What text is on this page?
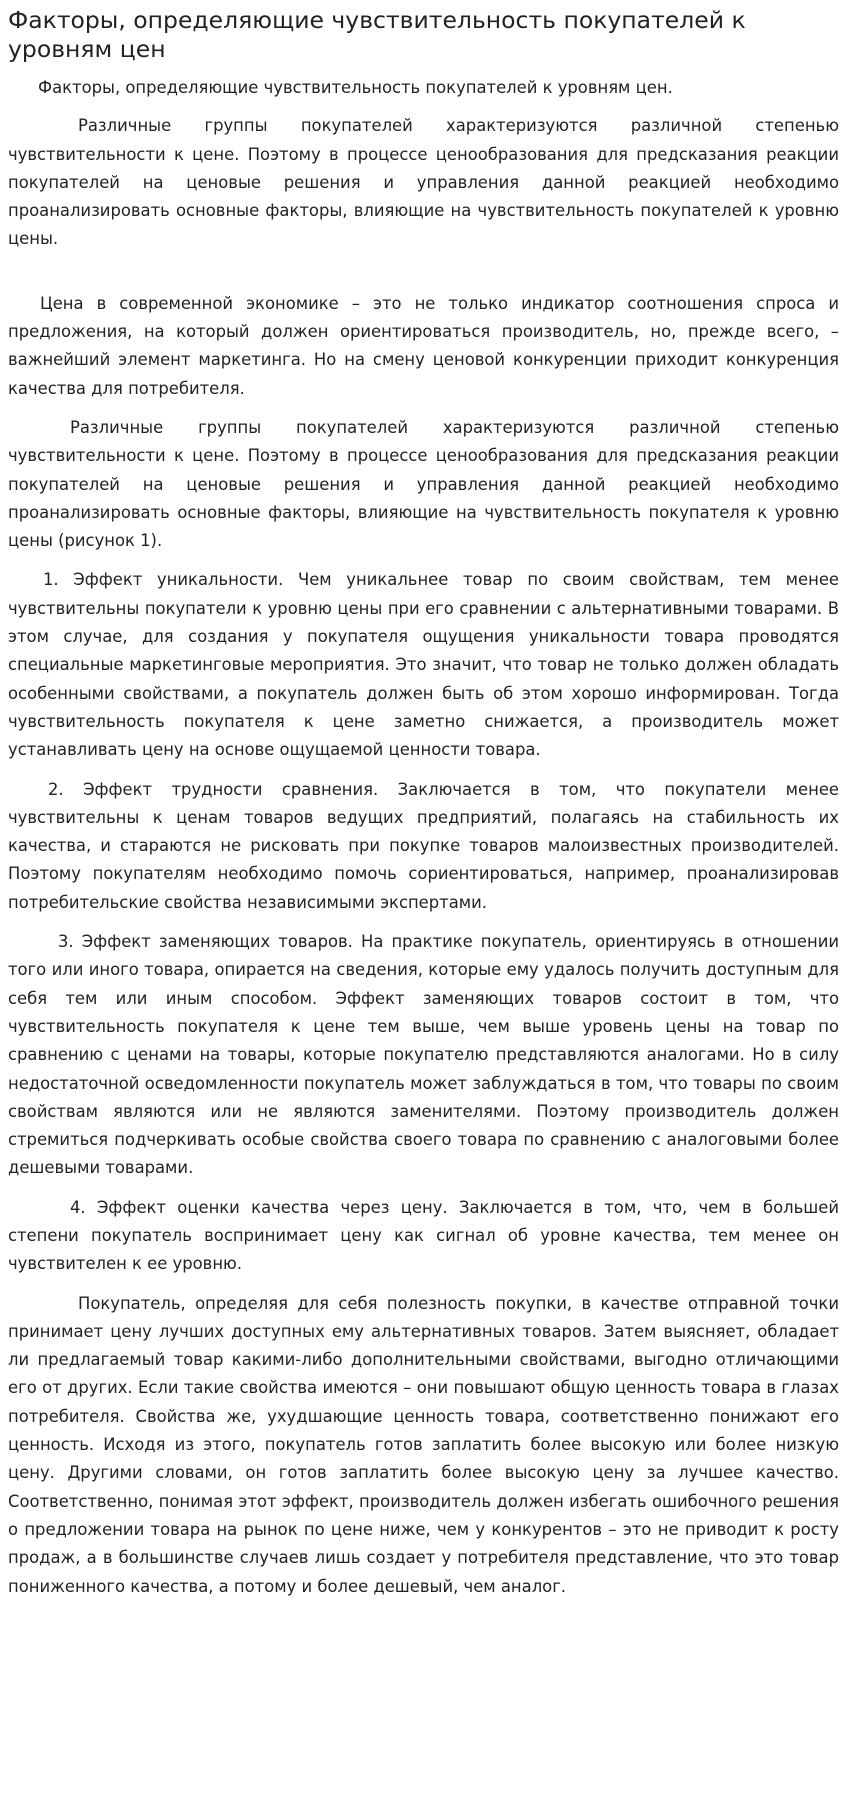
Факторы, определяющие чувствительность покупателей к уровням цен

Факторы, определяющие чувствительность покупателей к уровням цен.

Различные группы покупателей характеризуются различной степенью чувствительности к цене. Поэтому в процессе ценообразования для предсказания реакции покупателей на ценовые решения и управления данной реакцией необходимо проанализировать основные факторы, влияющие на чувствительность покупателей к уровню цены.

Цена в современной экономике – это не только индикатор соотношения спроса и предложения, на который должен ориентироваться производитель, но, прежде всего, – важнейший элемент маркетинга. Но на смену ценовой конкуренции приходит конкуренция качества для потребителя.

Различные группы покупателей характеризуются различной степенью чувствительности к цене. Поэтому в процессе ценообразования для предсказания реакции покупателей на ценовые решения и управления данной реакцией необходимо проанализировать основные факторы, влияющие на чувствительность покупателя к уровню цены (рисунок 1).

1. Эффект уникальности. Чем уникальнее товар по своим свойствам, тем менее чувствительны покупатели к уровню цены при его сравнении с альтернативными товарами. В этом случае, для создания у покупателя ощущения уникальности товара проводятся специальные маркетинговые мероприятия. Это значит, что товар не только должен обладать особенными свойствами, а покупатель должен быть об этом хорошо информирован. Тогда чувствительность покупателя к цене заметно снижается, а производитель может устанавливать цену на основе ощущаемой ценности товара.

2. Эффект трудности сравнения. Заключается в том, что покупатели менее чувствительны к ценам товаров ведущих предприятий, полагаясь на стабильность их качества, и стараются не рисковать при покупке товаров малоизвестных производителей. Поэтому покупателям необходимо помочь сориентироваться, например, проанализировав потребительские свойства независимыми экспертами.

3. Эффект заменяющих товаров. На практике покупатель, ориентируясь в отношении того или иного товара, опирается на сведения, которые ему удалось получить доступным для себя тем или иным способом. Эффект заменяющих товаров состоит в том, что чувствительность покупателя к цене тем выше, чем выше уровень цены на товар по сравнению с ценами на товары, которые покупателю представляются аналогами. Но в силу недостаточной осведомленности покупатель может заблуждаться в том, что товары по своим свойствам являются или не являются заменителями. Поэтому производитель должен стремиться подчеркивать особые свойства своего товара по сравнению с аналоговыми более дешевыми товарами.

4. Эффект оценки качества через цену. Заключается в том, что, чем в большей степени покупатель воспринимает цену как сигнал об уровне качества, тем менее он чувствителен к ее уровню.

Покупатель, определяя для себя полезность покупки, в качестве отправной точки принимает цену лучших доступных ему альтернативных товаров. Затем выясняет, обладает ли предлагаемый товар какими-либо дополнительными свойствами, выгодно отличающими его от других. Если такие свойства имеются – они повышают общую ценность товара в глазах потребителя. Свойства же, ухудшающие ценность товара, соответственно понижают его ценность. Исходя из этого, покупатель готов заплатить более высокую или более низкую цену. Другими словами, он готов заплатить более высокую цену за лучшее качество. Соответственно, понимая этот эффект, производитель должен избегать ошибочного решения о предложении товара на рынок по цене ниже, чем у конкурентов – это не приводит к росту продаж, а в большинстве случаев лишь создает у потребителя представление, что это товар пониженного качества, а потому и более дешевый, чем аналог.
